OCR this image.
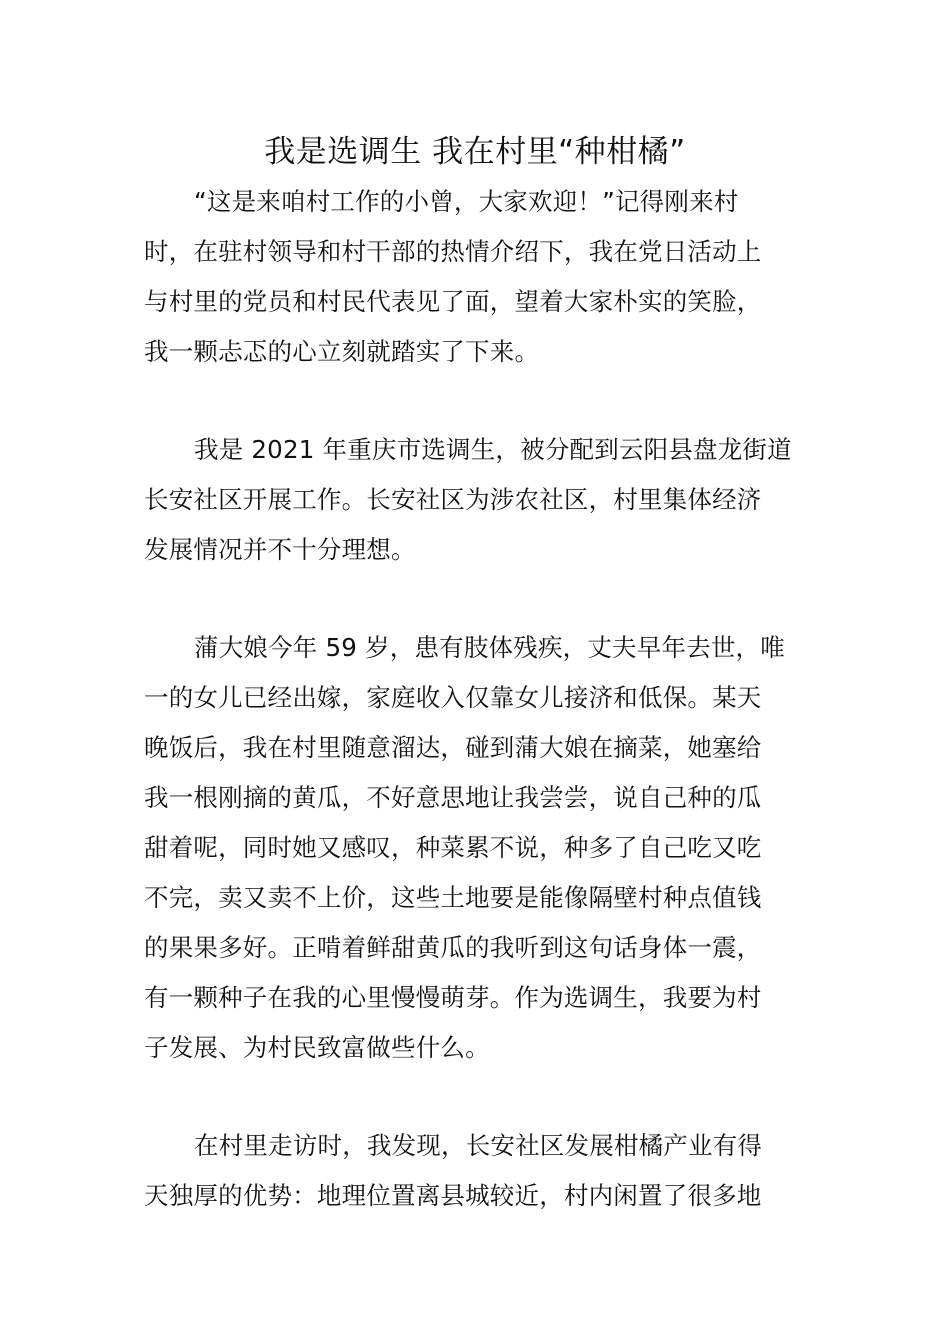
我是选调生 我在村里“种柑橘”
“这是来咱村工作的小曾，大家欢迎！”记得刚来村
时，在驻村领导和村干部的热情介绍下，我在党日活动上
与村里的党员和村民代表见了面，望着大家朴实的笑脸，
我一颗忐忑的心立刻就踏实了下来。
我是 2021 年重庆市选调生，被分配到云阳县盘龙街道
长安社区开展工作。长安社区为涉农社区，村里集体经济
发展情况并不十分理想。
蒲大娘今年 59 岁，患有肢体残疾，丈夫早年去世，唯
一的女儿已经出嫁，家庭收入仅靠女儿接济和低保。某天
晚饭后，我在村里随意溜达，碰到蒲大娘在摘菜，她塞给
我一根刚摘的黄瓜，不好意思地让我尝尝，说自己种的瓜
甜着呢，同时她又感叹，种菜累不说，种多了自己吃又吃
不完，卖又卖不上价，这些土地要是能像隔壁村种点值钱
的果果多好。正啃着鲜甜黄瓜的我听到这句话身体一震，
有一颗种子在我的心里慢慢萌芽。作为选调生，我要为村
子发展、为村民致富做些什么。
在村里走访时，我发现，长安社区发展柑橘产业有得
天独厚的优势：地理位置离县城较近，村内闲置了很多地
